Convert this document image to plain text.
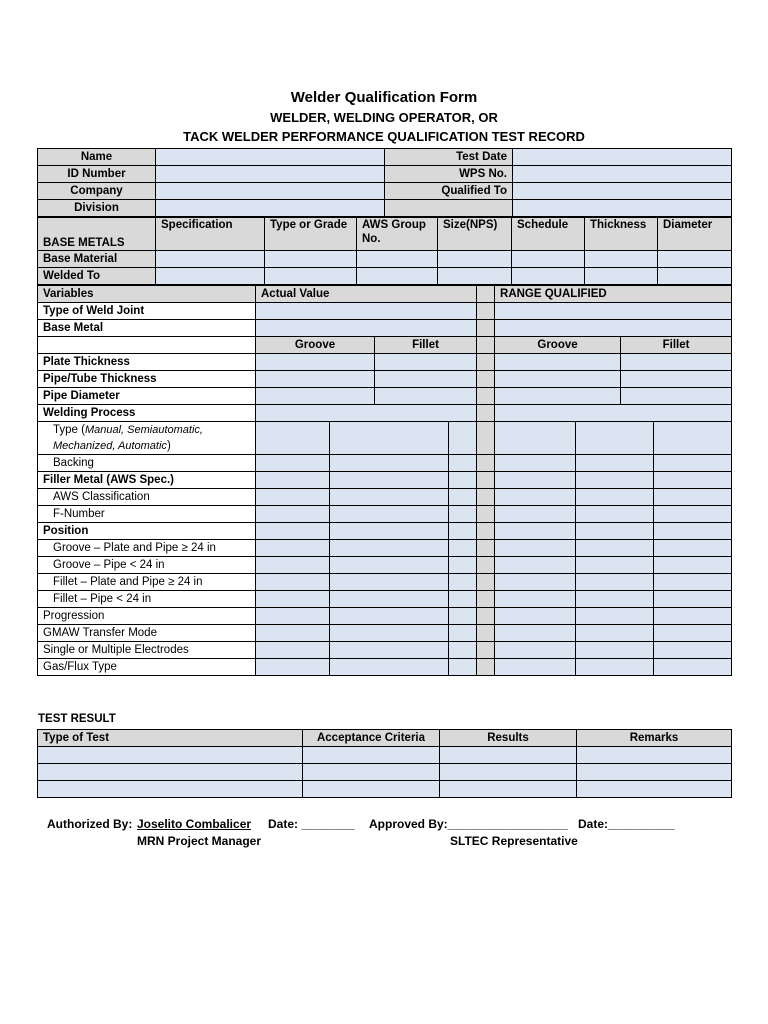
Welder Qualification Form
WELDER, WELDING OPERATOR, OR
TACK WELDER PERFORMANCE QUALIFICATION TEST RECORD
Name		Test Date	
ID Number		WPS No.	
Company		Qualified To	
Division			
BASE METALS	Specification	Type or Grade	AWS Group No.	Size(NPS)	Schedule	Thickness	Diameter
Base Material							
Welded To							
Variables	Actual Value					RANGE QUALIFIED			
Type of Weld Joint									
Base Metal									
	Groove		Fillet			Groove		Fillet	
Plate Thickness									
Pipe/Tube Thickness									
Pipe Diameter									
Welding Process									
Type (Manual, Semiautomatic, Mechanized, Automatic)									
Backing									
Filler Metal (AWS Spec.)									
AWS Classification									
F-Number									
Position									
Groove – Plate and Pipe ≥ 24 in									
Groove – Pipe < 24 in									
Fillet – Plate and Pipe ≥ 24 in									
Fillet – Pipe < 24 in									
Progression									
GMAW Transfer Mode									
Single or Multiple Electrodes									
Gas/Flux Type									
TEST RESULT
Type of Test	Acceptance Criteria	Results	Remarks

Authorized By: Joselito Combalicer Date: ________ Approved By:__________________ Date:__________
MRN Project Manager	SLTEC Representative
